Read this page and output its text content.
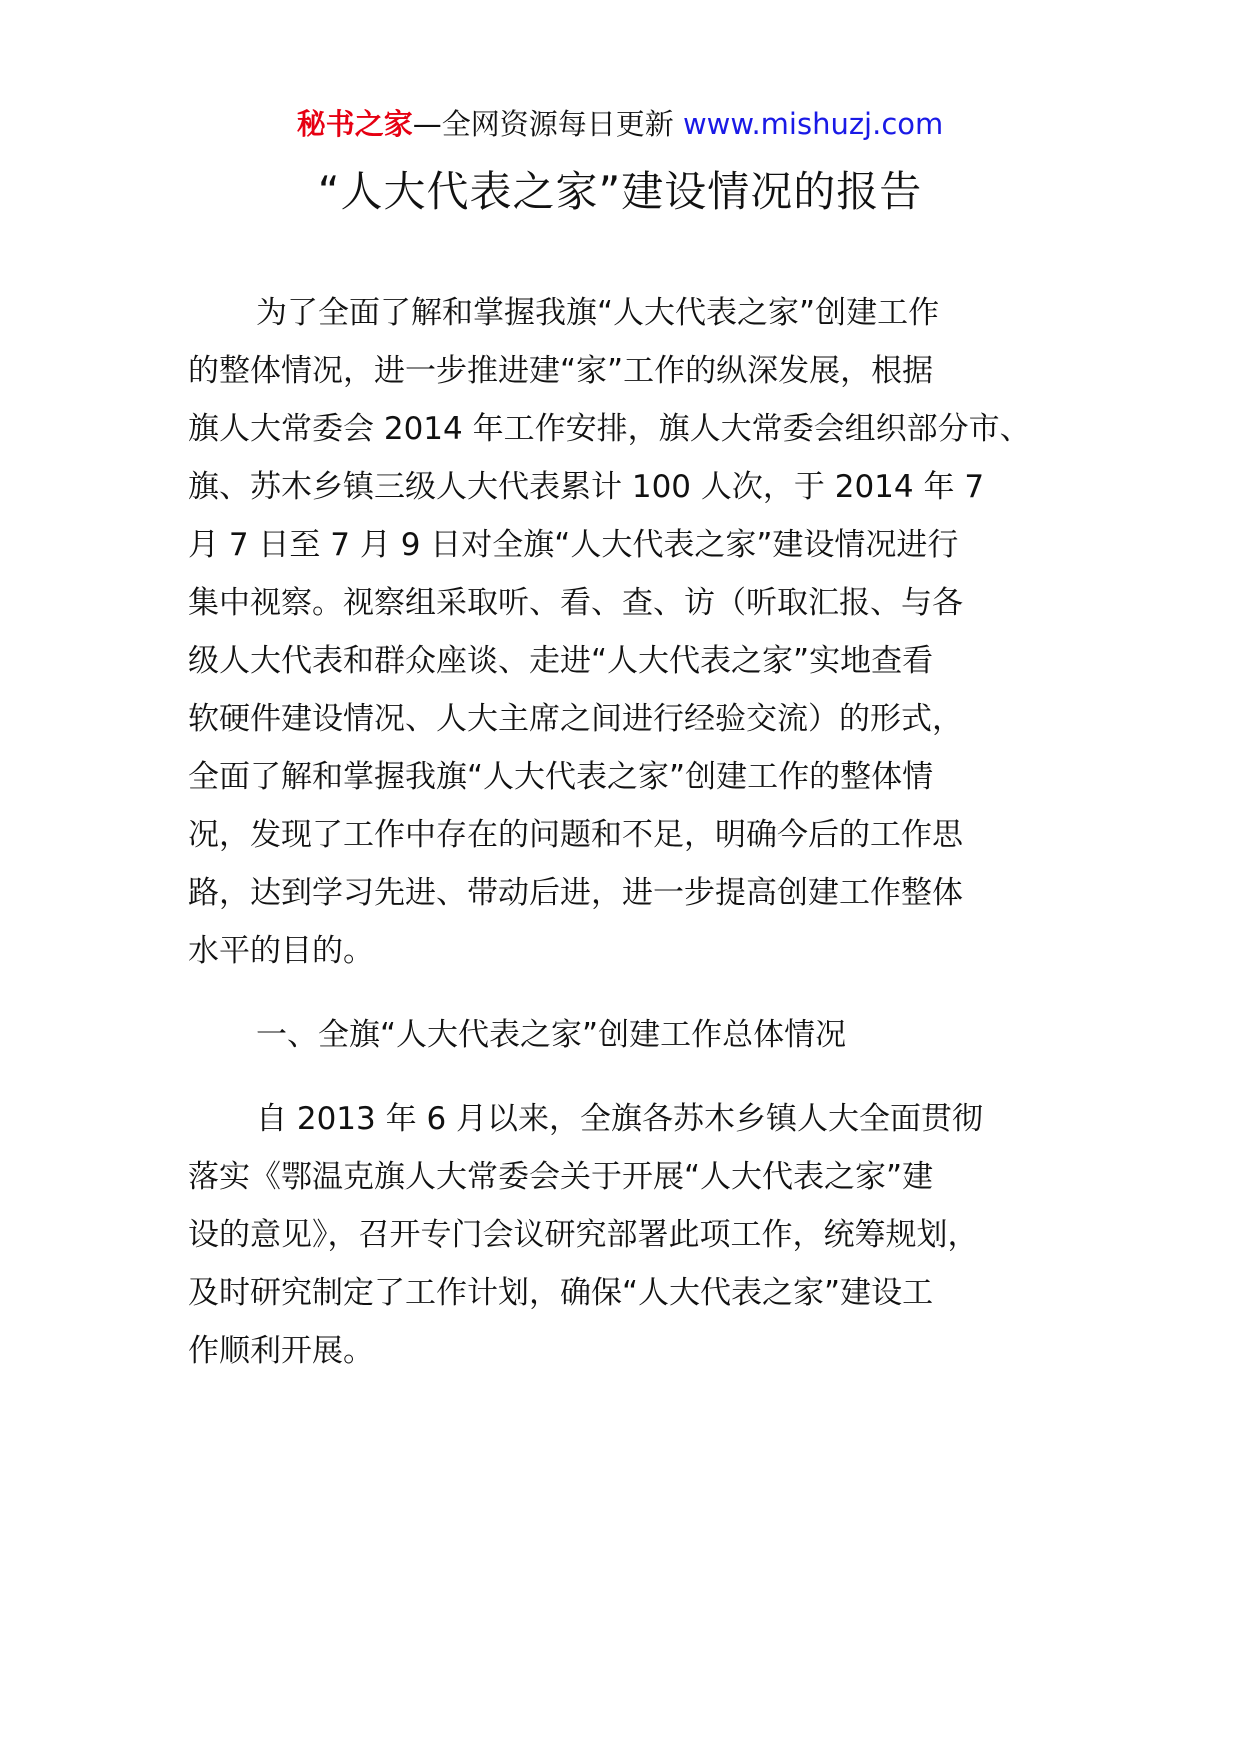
秘书之家—全网资源每日更新 www.mishuzj.com
“人大代表之家”建设情况的报告

为了全面了解和掌握我旗“人大代表之家”创建工作

的整体情况，进一步推进建“家”工作的纵深发展，根据

旗人大常委会 2014 年工作安排，旗人大常委会组织部分市、

旗、苏木乡镇三级人大代表累计 100 人次，于 2014 年 7

月 7 日至 7 月 9 日对全旗“人大代表之家”建设情况进行

集中视察。视察组采取听、看、查、访（听取汇报、与各

级人大代表和群众座谈、走进“人大代表之家”实地查看

软硬件建设情况、人大主席之间进行经验交流）的形式，

全面了解和掌握我旗“人大代表之家”创建工作的整体情

况，发现了工作中存在的问题和不足，明确今后的工作思

路，达到学习先进、带动后进，进一步提高创建工作整体

水平的目的。

一、全旗“人大代表之家”创建工作总体情况

自 2013 年 6 月以来，全旗各苏木乡镇人大全面贯彻

落实《鄂温克旗人大常委会关于开展“人大代表之家”建

设的意见》，召开专门会议研究部署此项工作，统筹规划，

及时研究制定了工作计划，确保“人大代表之家”建设工

作顺利开展。
